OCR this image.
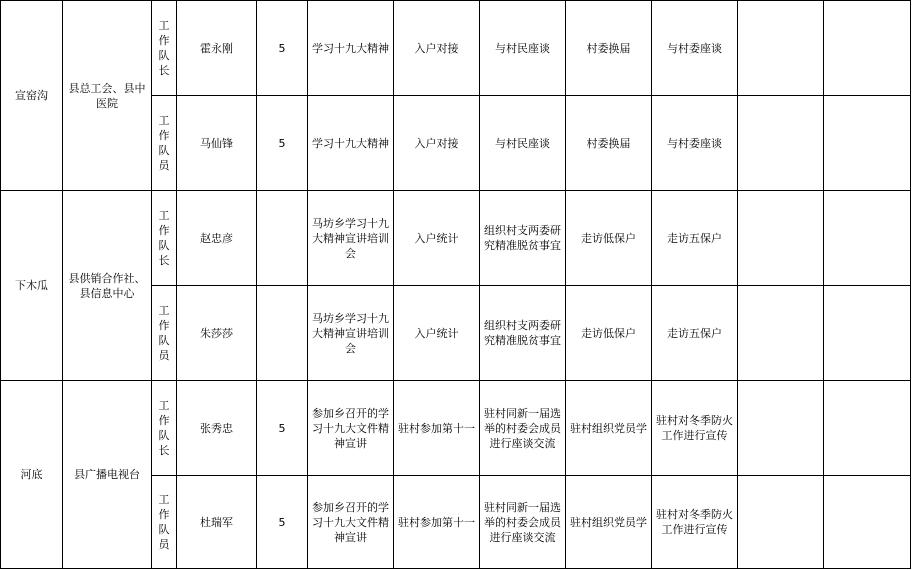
宣窑沟	县总工会、县中医院	工作队长	霍永刚	5	学习十九大精神	入户对接	与村民座谈	村委换届	与村委座谈		
		工作队员	马仙锋	5	学习十九大精神	入户对接	与村民座谈	村委换届	与村委座谈		
下木瓜	县供销合作社、县信息中心	工作队长	赵忠彦		马坊乡学习十九大精神宣讲培训会	入户统计	组织村支两委研究精准脱贫事宜	走访低保户	走访五保户		
		工作队员	朱莎莎		马坊乡学习十九大精神宣讲培训会	入户统计	组织村支两委研究精准脱贫事宜	走访低保户	走访五保户		
河底	县广播电视台	工作队长	张秀忠	5	参加乡召开的学习十九大文件精神宣讲	驻村参加第十一	驻村同新一届选举的村委会成员进行座谈交流	驻村组织党员学	驻村对冬季防火工作进行宣传		
		工作队员	杜瑞军	5	参加乡召开的学习十九大文件精神宣讲	驻村参加第十一	驻村同新一届选举的村委会成员进行座谈交流	驻村组织党员学	驻村对冬季防火工作进行宣传		
